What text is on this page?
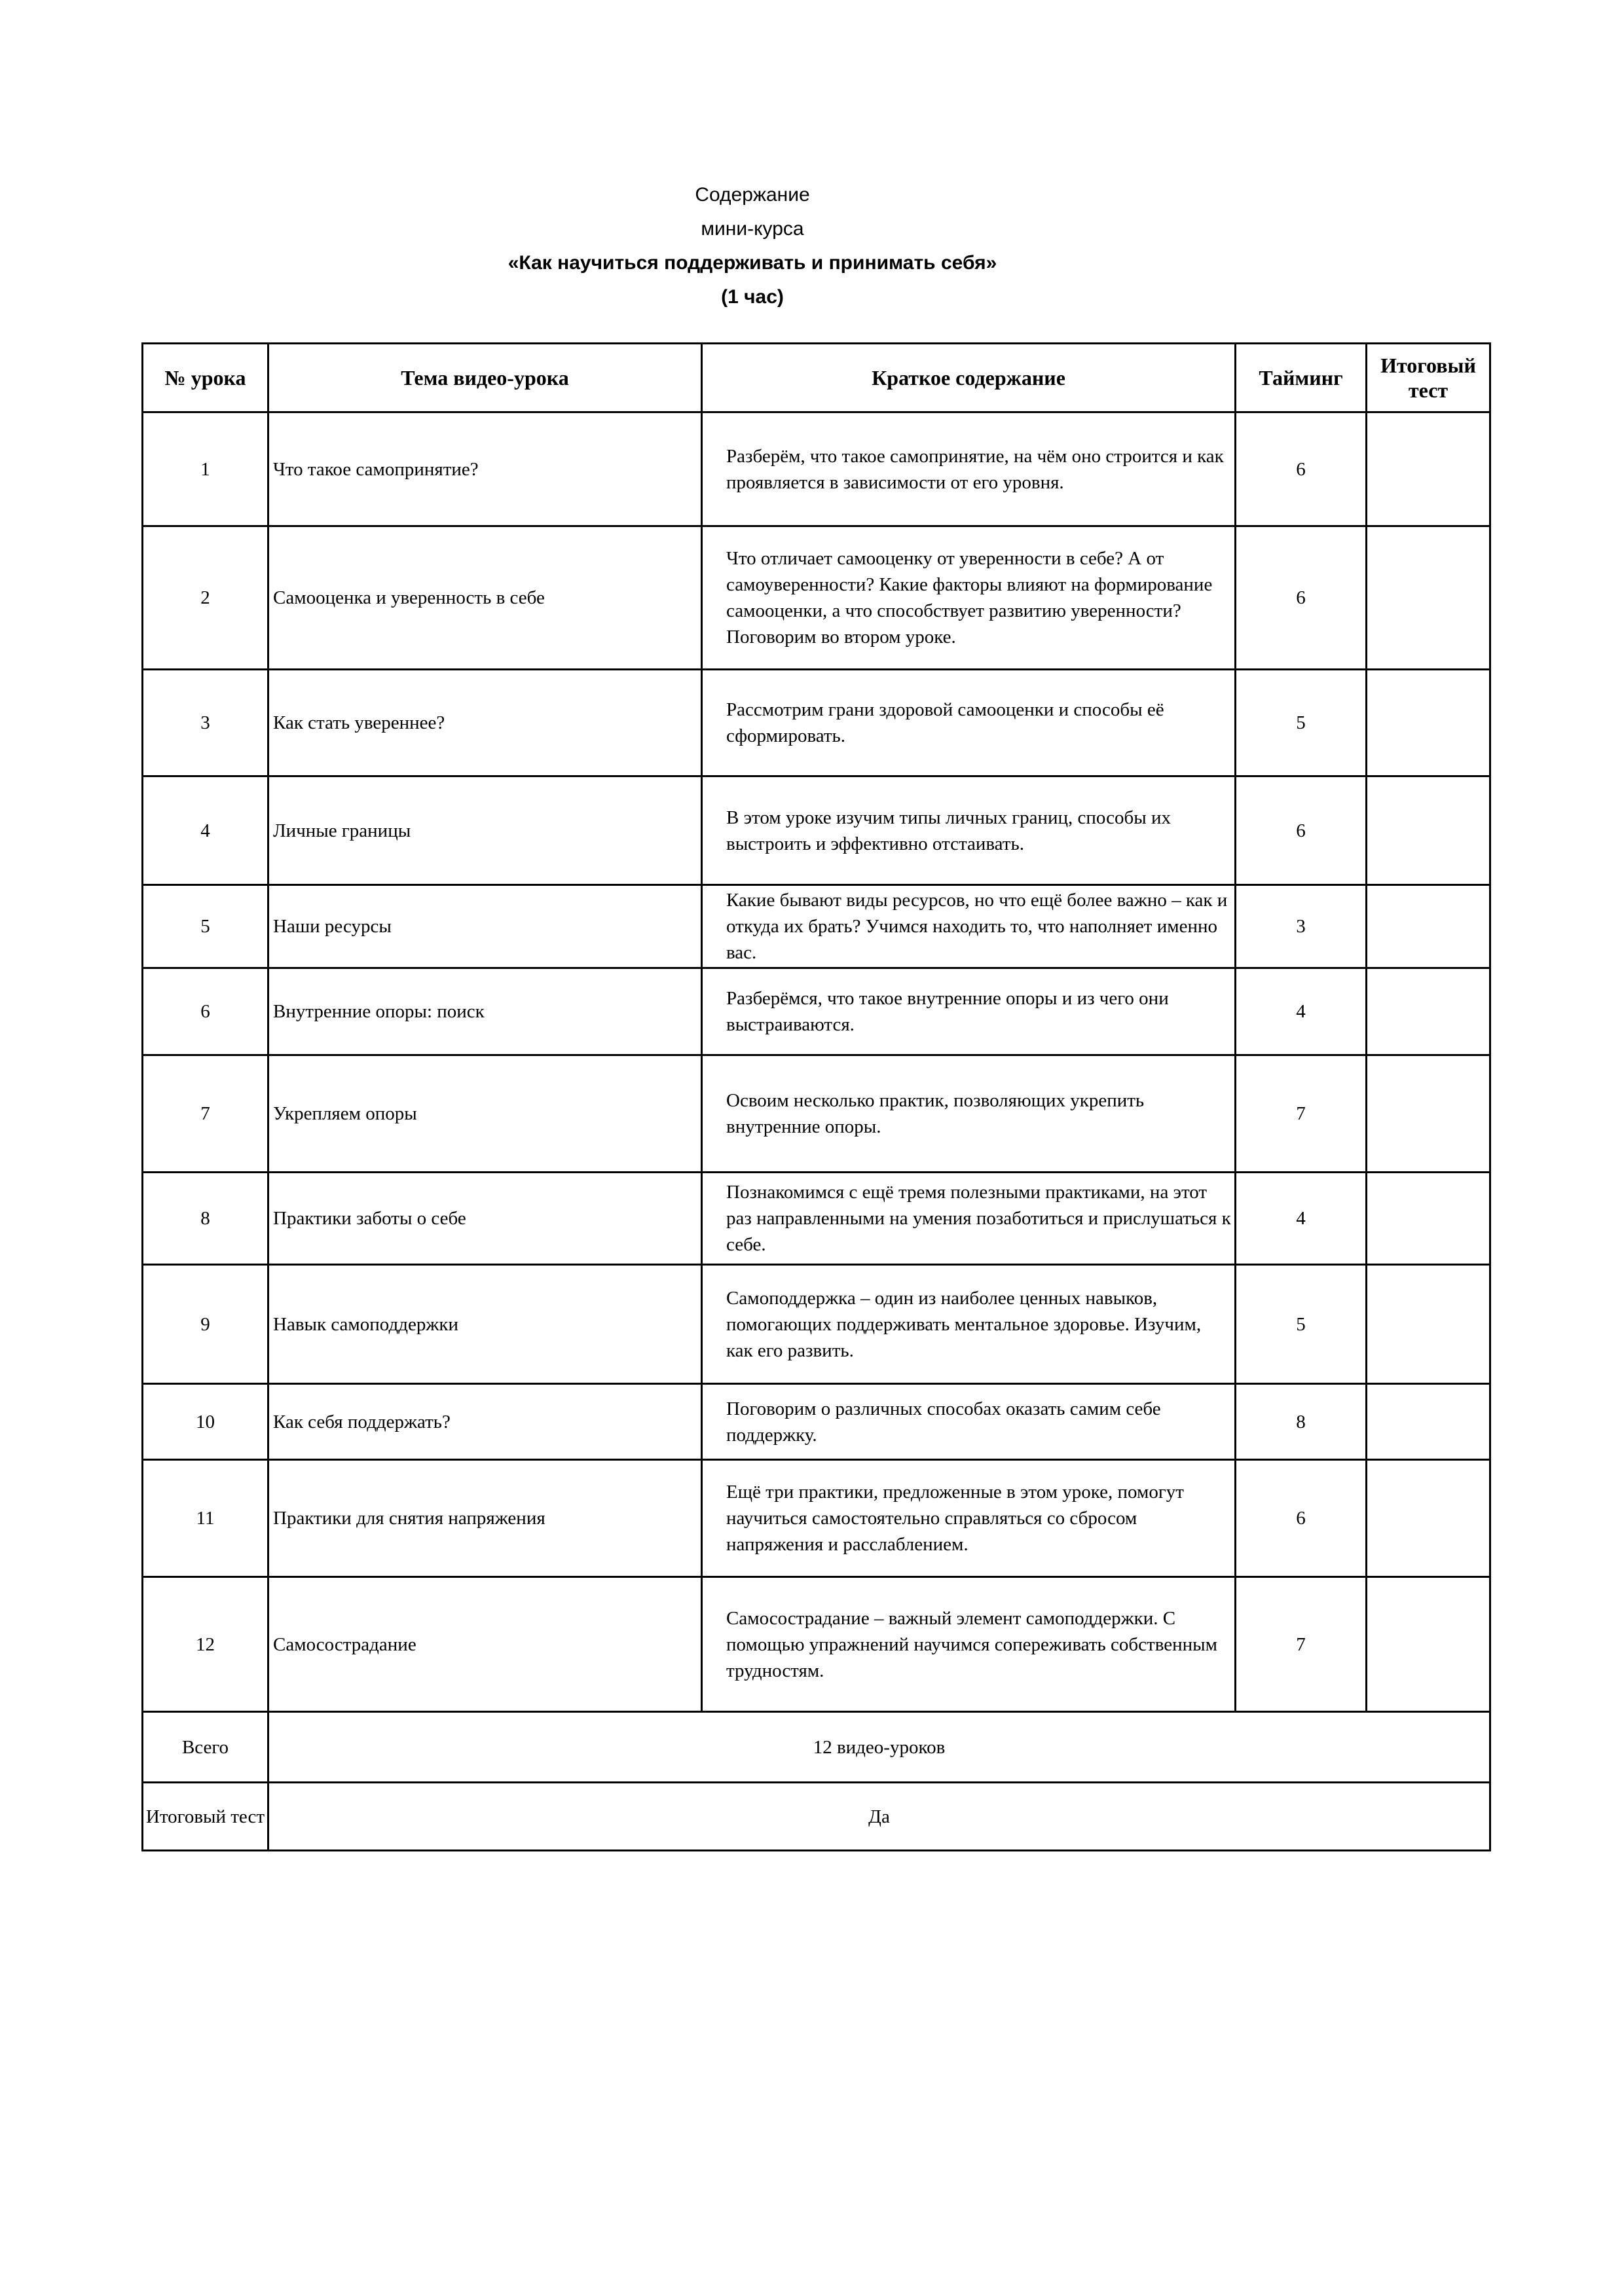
Содержание
мини-курса
«Как научиться поддерживать и принимать себя»
(1 час)
№ урока	Тема видео-урока	Краткое содержание	Тайминг	Итоговый тест
1	Что такое самопринятие?	Разберём, что такое самопринятие, на чём оно строится и как проявляется в зависимости от его уровня.	6	
2	Самооценка и уверенность в себе	Что отличает самооценку от уверенности в себе? А от самоуверенности? Какие факторы влияют на формирование самооценки, а что способствует развитию уверенности? Поговорим во втором уроке.	6	
3	Как стать увереннее?	Рассмотрим грани здоровой самооценки и способы её сформировать.	5	
4	Личные границы	В этом уроке изучим типы личных границ, способы их выстроить и эффективно отстаивать.	6	
5	Наши ресурсы	Какие бывают виды ресурсов, но что ещё более важно – как и откуда их брать? Учимся находить то, что наполняет именно вас.	3	
6	Внутренние опоры: поиск	Разберёмся, что такое внутренние опоры и из чего они выстраиваются.	4	
7	Укрепляем опоры	Освоим несколько практик, позволяющих укрепить внутренние опоры.	7	
8	Практики заботы о себе	Познакомимся с ещё тремя полезными практиками, на этот раз направленными на умения позаботиться и прислушаться к себе.	4	
9	Навык самоподдержки	Самоподдержка – один из наиболее ценных навыков, помогающих поддерживать ментальное здоровье. Изучим, как его развить.	5	
10	Как себя поддержать?	Поговорим о различных способах оказать самим себе поддержку.	8	
11	Практики для снятия напряжения	Ещё три практики, предложенные в этом уроке, помогут научиться самостоятельно справляться со сбросом напряжения и расслаблением.	6	
12	Самосострадание	Самосострадание – важный элемент самоподдержки. С помощью упражнений научимся сопереживать собственным трудностям.	7	
Всего	12 видео-уроков			
Итоговый тест	Да			
